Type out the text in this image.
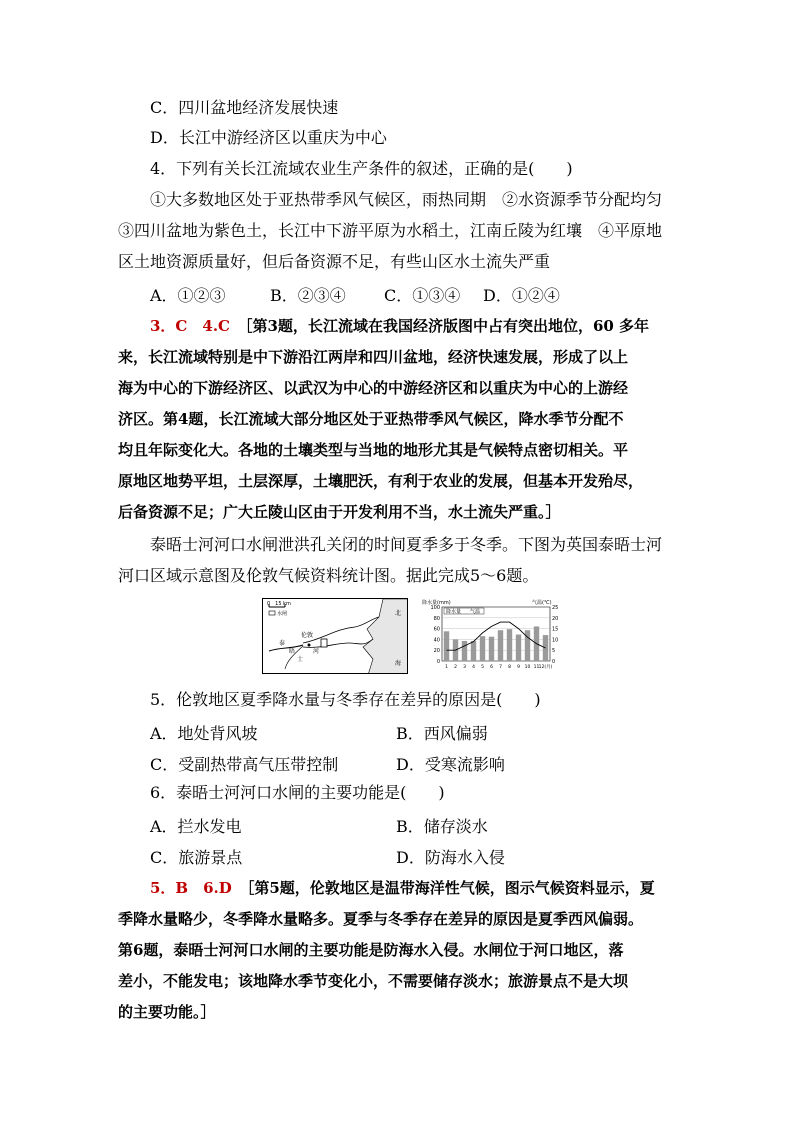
C．四川盆地经济发展快速
D．长江中游经济区以重庆为中心
4．下列有关长江流域农业生产条件的叙述，正确的是(　　)
①大多数地区处于亚热带季风气候区，雨热同期　②水资源季节分配均匀
③四川盆地为紫色土，长江中下游平原为水稻土，江南丘陵为红壤　④平原地
区土地资源质量好，但后备资源不足，有些山区水土流失严重
A．①②③	B．②③④ C．①③④ D．①②④
3．C　4.C　 ［第3题，长江流域在我国经济版图中占有突出地位，60 多年
来，长江流域特别是中下游沿江两岸和四川盆地，经济快速发展，形成了以上
海为中心的下游经济区、以武汉为中心的中游经济区和以重庆为中心的上游经
济区。第4题，长江流域大部分地区处于亚热带季风气候区，降水季节分配不
均且年际变化大。各地的土壤类型与当地的地形尤其是气候特点密切相关。平
原地区地势平坦，土层深厚，土壤肥沃，有利于农业的发展，但基本开发殆尽，
后备资源不足；广大丘陵山区由于开发利用不当，水土流失严重。］
泰晤士河河口水闸泄洪孔关闭的时间夏季多于冬季。下图为英国泰晤士河
河口区域示意图及伦敦气候资料统计图。据此完成5～6题。
0　15 km
水闸
伦敦
泰
晤
士
河
北
海
降水量(mm)	气温(℃)
100	25
80	20
60	15
40	10
20	5
0	0
1 2 3 4 5 6 7 8 9 10 11 12(月)
降水量 气温
5．伦敦地区夏季降水量与冬季存在差异的原因是(　　)
A．地处背风坡	B．西风偏弱
C．受副热带高气压带控制	D．受寒流影响
6．泰晤士河河口水闸的主要功能是(　　)
A．拦水发电	B．储存淡水
C．旅游景点	D．防海水入侵
5．B　6.D　 ［第5题，伦敦地区是温带海洋性气候，图示气候资料显示，夏
季降水量略少，冬季降水量略多。夏季与冬季存在差异的原因是夏季西风偏弱。
第6题，泰晤士河河口水闸的主要功能是防海水入侵。水闸位于河口地区，落
差小，不能发电；该地降水季节变化小，不需要储存淡水；旅游景点不是大坝
的主要功能。］
